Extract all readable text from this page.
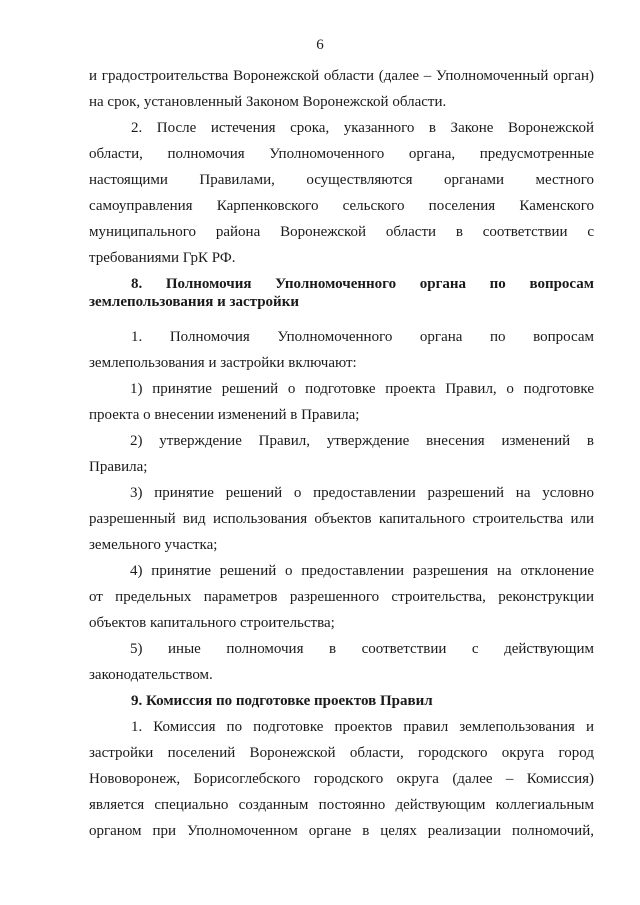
6
и градостроительства Воронежской области (далее – Уполномоченный орган)
на срок, установленный Законом Воронежской области.
2. После истечения срока, указанного в Законе Воронежской
области, полномочия Уполномоченного органа, предусмотренные
настоящими Правилами, осуществляются органами местного
самоуправления Карпенковского сельского поселения Каменского
муниципального района Воронежской области в соответствии с
требованиями ГрК РФ.
8. Полномочия Уполномоченного органа по вопросам
землепользования и застройки
1. Полномочия Уполномоченного органа по вопросам
землепользования и застройки включают:
1) принятие решений о подготовке проекта Правил, о подготовке
проекта о внесении изменений в Правила;
2) утверждение Правил, утверждение внесения изменений в
Правила;
3) принятие решений о предоставлении разрешений на условно
разрешенный вид использования объектов капитального строительства или
земельного участка;
4) принятие решений о предоставлении разрешения на отклонение
от предельных параметров разрешенного строительства, реконструкции
объектов капитального строительства;
5) иные полномочия в соответствии с действующим
законодательством.
9. Комиссия по подготовке проектов Правил
1. Комиссия по подготовке проектов правил землепользования и
застройки поселений Воронежской области, городского округа город
Нововоронеж, Борисоглебского городского округа (далее – Комиссия)
является специально созданным постоянно действующим коллегиальным
органом при Уполномоченном органе в целях реализации полномочий,
